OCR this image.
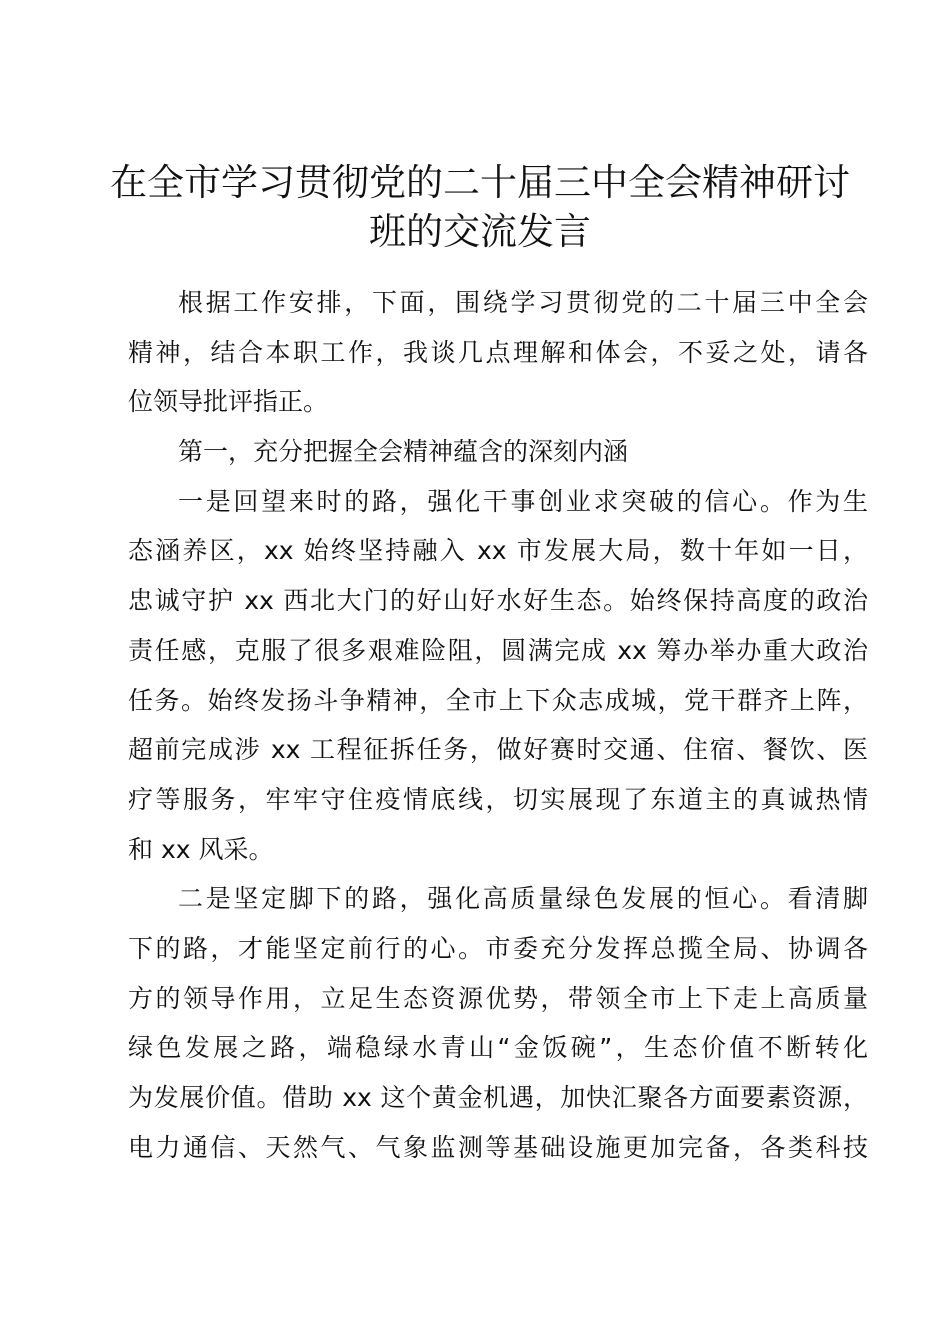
在全市学习贯彻党的二十届三中全会精神研讨
班的交流发言
根据工作安排，下面，围绕学习贯彻党的二十届三中全会
精神，结合本职工作，我谈几点理解和体会，不妥之处，请各
位领导批评指正。
第一，充分把握全会精神蕴含的深刻内涵
一是回望来时的路，强化干事创业求突破的信心。作为生
态涵养区，xx 始终坚持融入 xx 市发展大局，数十年如一日，
忠诚守护 xx 西北大门的好山好水好生态。始终保持高度的政治
责任感，克服了很多艰难险阻，圆满完成 xx 筹办举办重大政治
任务。始终发扬斗争精神，全市上下众志成城，党干群齐上阵，
超前完成涉 xx 工程征拆任务，做好赛时交通、住宿、餐饮、医
疗等服务，牢牢守住疫情底线，切实展现了东道主的真诚热情
和 xx 风采。
二是坚定脚下的路，强化高质量绿色发展的恒心。看清脚
下的路，才能坚定前行的心。市委充分发挥总揽全局、协调各
方的领导作用，立足生态资源优势，带领全市上下走上高质量
绿色发展之路，端稳绿水青山“金饭碗”，生态价值不断转化
为发展价值。借助 xx 这个黄金机遇，加快汇聚各方面要素资源，
电力通信、天然气、气象监测等基础设施更加完备，各类科技
